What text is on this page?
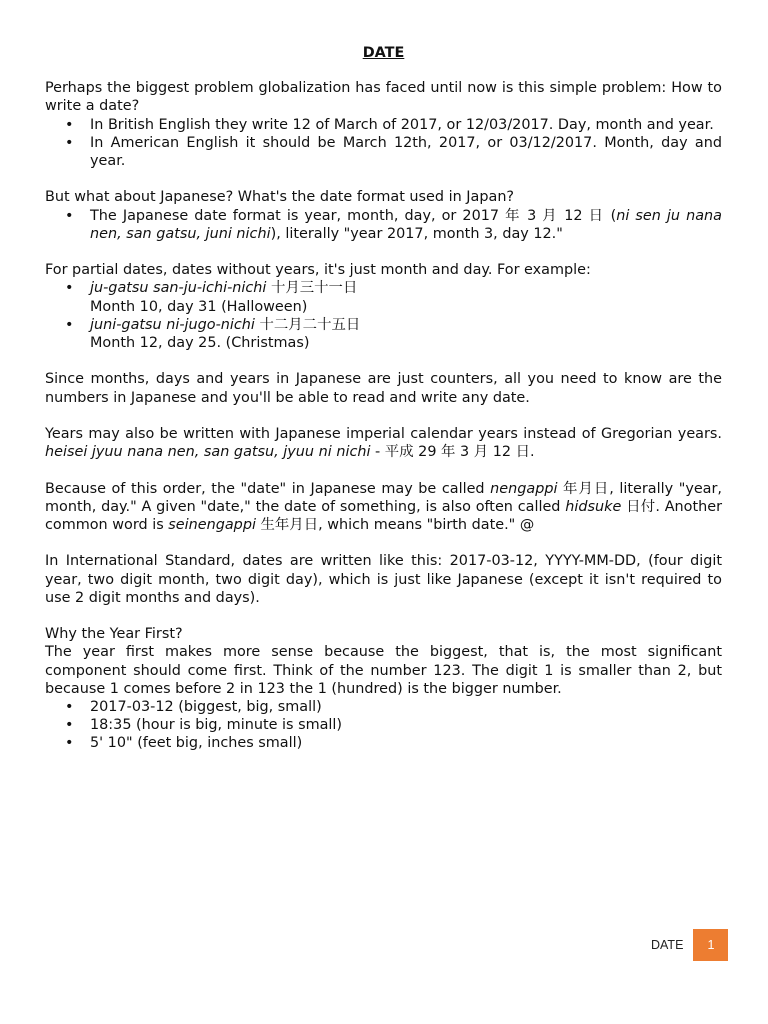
DATE

Perhaps the biggest problem globalization has faced until now is this simple problem: How to write a date?

• In British English they write 12 of March of 2017, or 12/03/2017. Day, month and year.
• In American English it should be March 12th, 2017, or 03/12/2017. Month, day and year.

But what about Japanese? What's the date format used in Japan?

• The Japanese date format is year, month, day, or 2017 年 3 月 12 日 (ni sen ju nana nen, san gatsu, juni nichi), literally "year 2017, month 3, day 12."

For partial dates, dates without years, it's just month and day. For example:

• ju-gatsu san-ju-ichi-nichi 十月三十一日
Month 10, day 31 (Halloween)
• juni-gatsu ni-jugo-nichi 十二月二十五日
Month 12, day 25. (Christmas)

Since months, days and years in Japanese are just counters, all you need to know are the numbers in Japanese and you'll be able to read and write any date.

Years may also be written with Japanese imperial calendar years instead of Gregorian years. heisei jyuu nana nen, san gatsu, jyuu ni nichi - 平成 29 年 3 月 12 日.

Because of this order, the "date" in Japanese may be called nengappi 年月日, literally "year, month, day." A given "date," the date of something, is also often called hidsuke 日付. Another common word is seinengappi 生年月日, which means "birth date." @

In International Standard, dates are written like this: 2017-03-12, YYYY-MM-DD, (four digit year, two digit month, two digit day), which is just like Japanese (except it isn't required to use 2 digit months and days).

Why the Year First?

The year first makes more sense because the biggest, that is, the most significant component should come first. Think of the number 123. The digit 1 is smaller than 2, but because 1 comes before 2 in 123 the 1 (hundred) is the bigger number.

• 2017-03-12 (biggest, big, small)
• 18:35 (hour is big, minute is small)
• 5' 10" (feet big, inches small)
DATE	1
